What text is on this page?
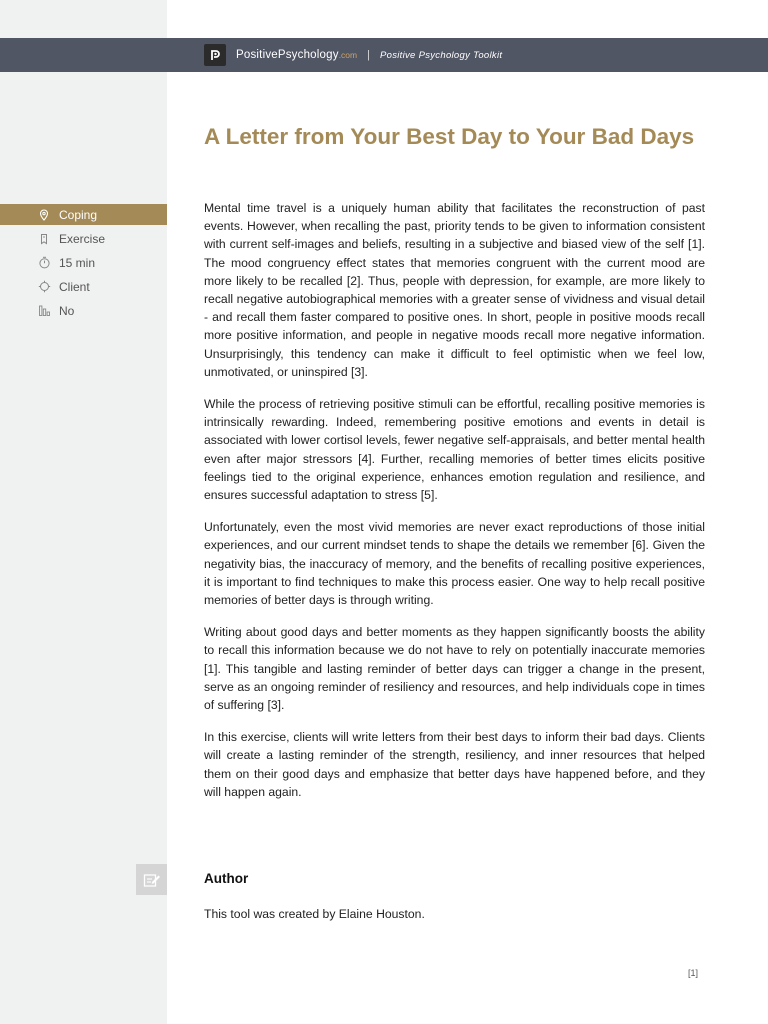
PositivePsychology .com | Positive Psychology Toolkit
A Letter from Your Best Day to Your Bad Days
Coping
Exercise
15 min
Client
No

Mental time travel is a uniquely human ability that facilitates the reconstruction of past events. However, when recalling the past, priority tends to be given to information consistent with current self-images and beliefs, resulting in a subjective and biased view of the self [1]. The mood congruency effect states that memories congruent with the current mood are more likely to be recalled [2]. Thus, people with depression, for example, are more likely to recall negative autobiographical memories with a greater sense of vividness and visual detail - and recall them faster compared to positive ones. In short, people in positive moods recall more positive information, and people in negative moods recall more negative information. Unsurprisingly, this tendency can make it difficult to feel optimistic when we feel low, unmotivated, or uninspired [3].

While the process of retrieving positive stimuli can be effortful, recalling positive memories is intrinsically rewarding. Indeed, remembering positive emotions and events in detail is associated with lower cortisol levels, fewer negative self-appraisals, and better mental health even after major stressors [4]. Further, recalling memories of better times elicits positive feelings tied to the original experience, enhances emotion regulation and resilience, and ensures successful adaptation to stress [5].

Unfortunately, even the most vivid memories are never exact reproductions of those initial experiences, and our current mindset tends to shape the details we remember [6]. Given the negativity bias, the inaccuracy of memory, and the benefits of recalling positive experiences, it is important to find techniques to make this process easier. One way to help recall positive memories of better days is through writing.

Writing about good days and better moments as they happen significantly boosts the ability to recall this information because we do not have to rely on potentially inaccurate memories [1]. This tangible and lasting reminder of better days can trigger a change in the present, serve as an ongoing reminder of resiliency and resources, and help individuals cope in times of suffering [3].

In this exercise, clients will write letters from their best days to inform their bad days. Clients will create a lasting reminder of the strength, resiliency, and inner resources that helped them on their good days and emphasize that better days have happened before, and they will happen again.

Author

This tool was created by Elaine Houston.

[1]
